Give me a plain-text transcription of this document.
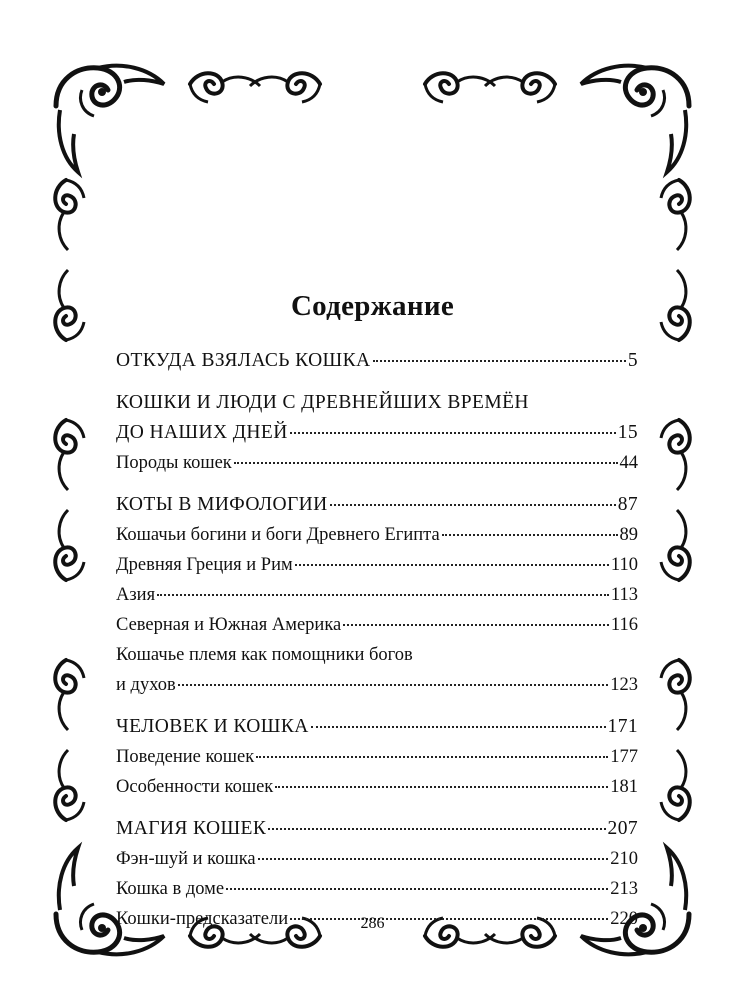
Содержание
ОТКУДА ВЗЯЛАСЬ КОШКА	5
КОШКИ И ЛЮДИ С ДРЕВНЕЙШИХ ВРЕМЁН
ДО НАШИХ ДНЕЙ	15
Породы кошек	44
КОТЫ В МИФОЛОГИИ	87
Кошачьи богини и боги Древнего Египта	89
Древняя Греция и Рим	110
Азия	113
Северная и Южная Америка	116
Кошачье племя как помощники богов
и духов	123
ЧЕЛОВЕК И КОШКА	171
Поведение кошек	177
Особенности кошек	181
МАГИЯ КОШЕК	207
Фэн-шуй и кошка	210
Кошка в доме	213
Кошки-предсказатели	220
286
